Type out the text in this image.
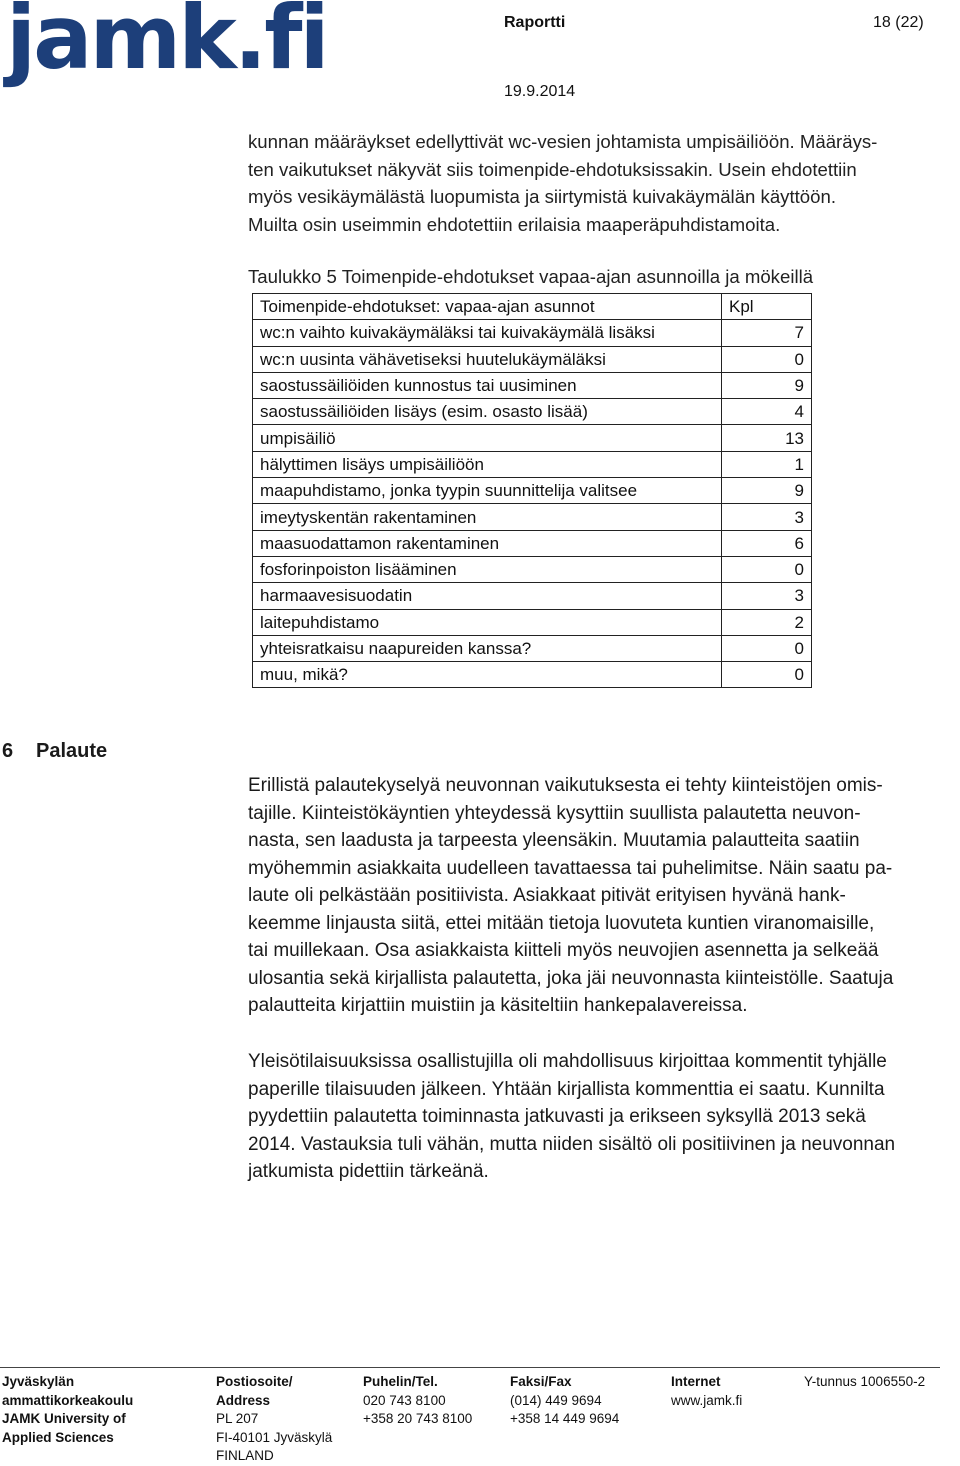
jamk.fi	Raportti	18 (22)
19.9.2014
kunnan määräykset edellyttivät wc-vesien johtamista umpisäiliöön. Määräys-
ten vaikutukset näkyvät siis toimenpide-ehdotuksissakin. Usein ehdotettiin
myös vesikäymälästä luopumista ja siirtymistä kuivakäymälän käyttöön.
Muilta osin useimmin ehdotettiin erilaisia maaperäpuhdistamoita.
Taulukko 5 Toimenpide-ehdotukset vapaa-ajan asunnoilla ja mökeillä
Toimenpide-ehdotukset: vapaa-ajan asunnot	Kpl
wc:n vaihto kuivakäymäläksi tai kuivakäymälä lisäksi	7
wc:n uusinta vähävetiseksi huutelukäymäläksi	0
saostussäiliöiden kunnostus tai uusiminen	9
saostussäiliöiden lisäys (esim. osasto lisää)	4
umpisäiliö	13
hälyttimen lisäys umpisäiliöön	1
maapuhdistamo, jonka tyypin suunnittelija valitsee	9
imeytyskentän rakentaminen	3
maasuodattamon rakentaminen	6
fosforinpoiston lisääminen	0
harmaavesisuodatin	3
laitepuhdistamo	2
yhteisratkaisu naapureiden kanssa?	0
muu, mikä?	0
6 Palaute
Erillistä palautekyselyä neuvonnan vaikutuksesta ei tehty kiinteistöjen omis-
tajille. Kiinteistökäyntien yhteydessä kysyttiin suullista palautetta neuvon-
nasta, sen laadusta ja tarpeesta yleensäkin. Muutamia palautteita saatiin
myöhemmin asiakkaita uudelleen tavattaessa tai puhelimitse. Näin saatu pa-
laute oli pelkästään positiivista. Asiakkaat pitivät erityisen hyvänä hank-
keemme linjausta siitä, ettei mitään tietoja luovuteta kuntien viranomaisille,
tai muillekaan. Osa asiakkaista kiitteli myös neuvojien asennetta ja selkeää
ulosantia sekä kirjallista palautetta, joka jäi neuvonnasta kiinteistölle. Saatuja
palautteita kirjattiin muistiin ja käsiteltiin hankepalavereissa.
Yleisötilaisuuksissa osallistujilla oli mahdollisuus kirjoittaa kommentit tyhjälle
paperille tilaisuuden jälkeen. Yhtään kirjallista kommenttia ei saatu. Kunnilta
pyydettiin palautetta toiminnasta jatkuvasti ja erikseen syksyllä 2013 sekä
2014. Vastauksia tuli vähän, mutta niiden sisältö oli positiivinen ja neuvonnan
jatkumista pidettiin tärkeänä.
Jyväskylän
ammattikorkeakoulu
JAMK University of
Applied Sciences
Postiosoite/
Address
PL 207
FI-40101 Jyväskylä
FINLAND
Puhelin/Tel.
020 743 8100
+358 20 743 8100
Faksi/Fax
(014) 449 9694
+358 14 449 9694
Internet
www.jamk.fi
Y-tunnus 1006550-2
